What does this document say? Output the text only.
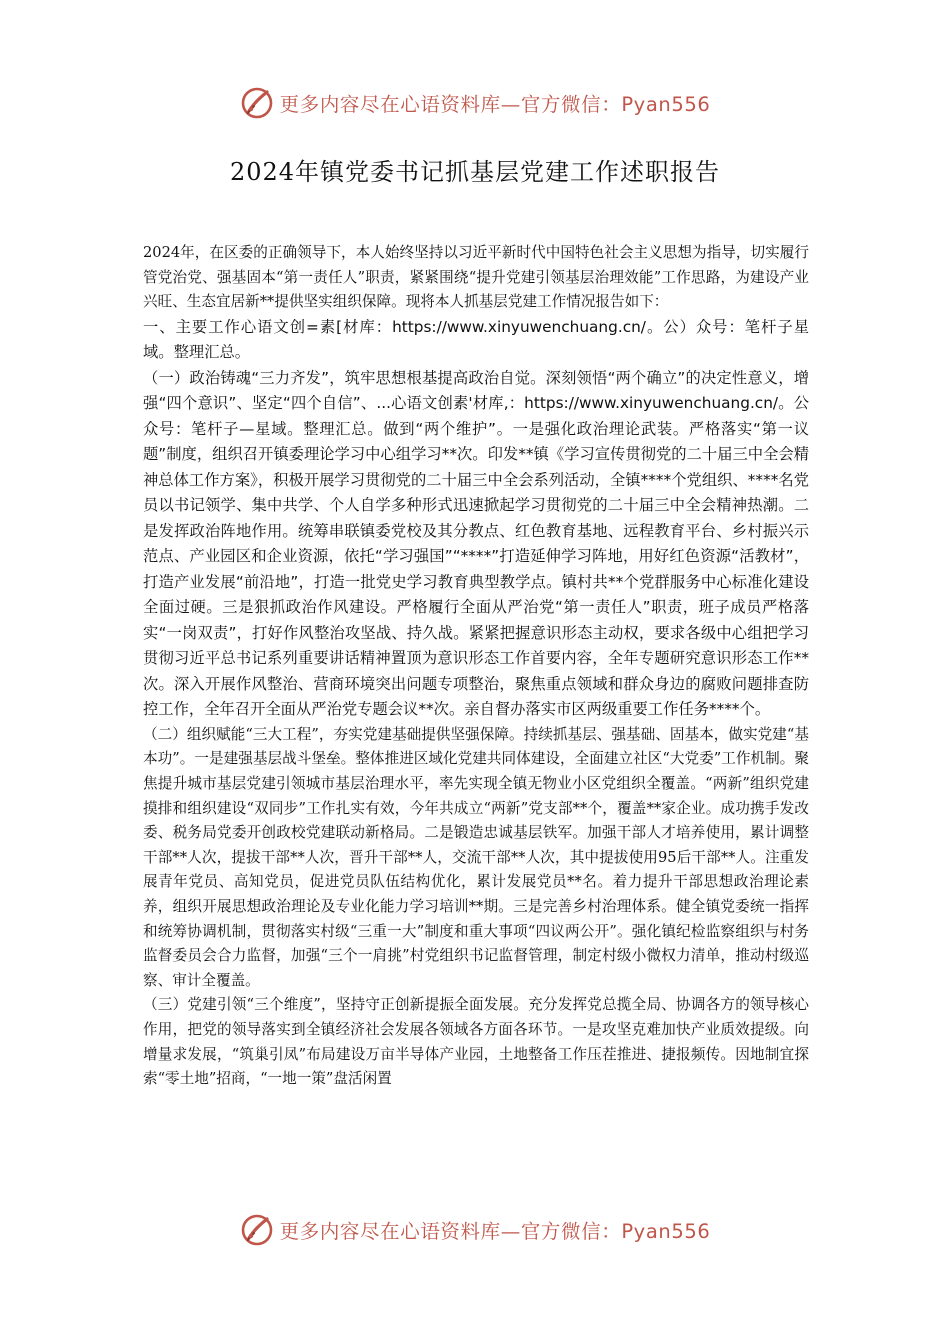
更多内容尽在心语资料库—官方微信：Pyan556
2024年镇党委书记抓基层党建工作述职报告

2024年，在区委的正确领导下，本人始终坚持以习近平新时代中国特色社会主义思想为指导，切实履行管党治党、强基固本“第一责任人”职责，紧紧围绕“提升党建引领基层治理效能”工作思路，为建设产业兴旺、生态宜居新**提供坚实组织保障。现将本人抓基层党建工作情况报告如下：

一、主要工作心语文创=素[材库：https://www.xinyuwenchuang.cn/。公）众号：笔杆子星域。整理汇总。

（一）政治铸魂“三力齐发”，筑牢思想根基提高政治自觉。深刻领悟“两个确立”的决定性意义，增强“四个意识”、坚定“四个自信”、...心语文创素'材库,：https://www.xinyuwenchuang.cn/。公众号：笔杆子—星域。整理汇总。做到“两个维护”。一是强化政治理论武装。严格落实“第一议题”制度，组织召开镇委理论学习中心组学习**次。印发**镇《学习宣传贯彻党的二十届三中全会精神总体工作方案》，积极开展学习贯彻党的二十届三中全会系列活动，全镇****个党组织、****名党员以书记领学、集中共学、个人自学多种形式迅速掀起学习贯彻党的二十届三中全会精神热潮。二是发挥政治阵地作用。统筹串联镇委党校及其分教点、红色教育基地、远程教育平台、乡村振兴示范点、产业园区和企业资源，依托“学习强国”“****”打造延伸学习阵地，用好红色资源“活教材”，打造产业发展“前沿地”，打造一批党史学习教育典型教学点。镇村共**个党群服务中心标准化建设全面过硬。三是狠抓政治作风建设。严格履行全面从严治党“第一责任人”职责，班子成员严格落实“一岗双责”，打好作风整治攻坚战、持久战。紧紧把握意识形态主动权，要求各级中心组把学习贯彻习近平总书记系列重要讲话精神置顶为意识形态工作首要内容，全年专题研究意识形态工作**次。深入开展作风整治、营商环境突出问题专项整治，聚焦重点领域和群众身边的腐败问题排查防控工作，全年召开全面从严治党专题会议**次。亲自督办落实市区两级重要工作任务****个。

（二）组织赋能“三大工程”，夯实党建基础提供坚强保障。持续抓基层、强基础、固基本，做实党建“基本功”。一是建强基层战斗堡垒。整体推进区域化党建共同体建设，全面建立社区“大党委”工作机制。聚焦提升城市基层党建引领城市基层治理水平，率先实现全镇无物业小区党组织全覆盖。“两新”组织党建摸排和组织建设“双同步”工作扎实有效，今年共成立“两新”党支部**个，覆盖**家企业。成功携手发改委、税务局党委开创政校党建联动新格局。二是锻造忠诚基层铁军。加强干部人才培养使用，累计调整干部**人次，提拔干部**人次，晋升干部**人，交流干部**人次，其中提拔使用95后干部**人。注重发展青年党员、高知党员，促进党员队伍结构优化，累计发展党员**名。着力提升干部思想政治理论素养，组织开展思想政治理论及专业化能力学习培训**期。三是完善乡村治理体系。健全镇党委统一指挥和统筹协调机制，贯彻落实村级“三重一大”制度和重大事项“四议两公开”。强化镇纪检监察组织与村务监督委员会合力监督，加强“三个一肩挑”村党组织书记监督管理，制定村级小微权力清单，推动村级巡察、审计全覆盖。

（三）党建引领“三个维度”，坚持守正创新提振全面发展。充分发挥党总揽全局、协调各方的领导核心作用，把党的领导落实到全镇经济社会发展各领域各方面各环节。一是攻坚克难加快产业质效提级。向增量求发展，“筑巢引凤”布局建设万亩半导体产业园，土地整备工作压茬推进、捷报频传。因地制宜探索“零土地”招商，“一地一策”盘活闲置

更多内容尽在心语资料库—官方微信：Pyan556
